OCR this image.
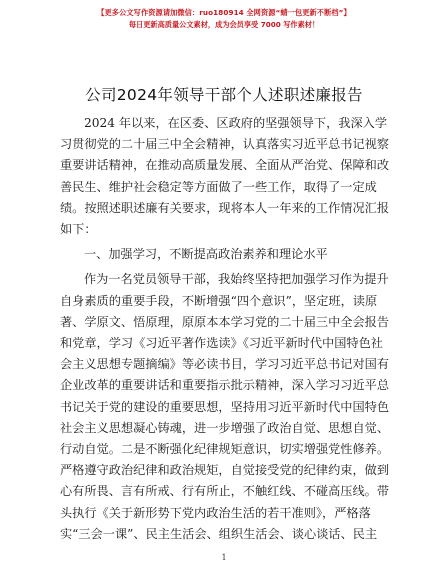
【更多公文写作资源请加微信：ruo180914 全网资源“蜻一包更新不断档”】
每日更新高质量公文素材，成为会员享受 7000 写作素材！
公司2024年领导干部个人述职述廉报告
2024 年以来，在区委、区政府的坚强领导下，我深入学
习贯彻党的二十届三中全会精神，认真落实习近平总书记视察
重要讲话精神，在推动高质量发展、全面从严治党、保障和改
善民生、维护社会稳定等方面做了一些工作，取得了一定成
绩。按照述职述廉有关要求，现将本人一年来的工作情况汇报
如下：
一、加强学习，不断提高政治素养和理论水平
作为一名党员领导干部，我始终坚持把加强学习作为提升
自身素质的重要手段，不断增强“四个意识”，坚定班，读原
著、学原文、悟原理，原原本本学习党的二十届三中全会报告
和党章，学习《习近平著作选读》《习近平新时代中国特色社
会主义思想专题摘编》等必读书目，学习习近平总书记对国有
企业改革的重要讲话和重要指示批示精神，深入学习习近平总
书记关于党的建设的重要思想，坚持用习近平新时代中国特色
社会主义思想凝心铸魂，进一步增强了政治自觉、思想自觉、
行动自觉。二是不断强化纪律规矩意识，切实增强党性修养。
严格遵守政治纪律和政治规矩，自觉接受党的纪律约束，做到
心有所畏、言有所戒、行有所止，不触红线、不碰高压线。带
头执行《关于新形势下党内政治生活的若干准则》，严格落
实“三会一课”、民主生活会、组织生活会、谈心谈话、民主
1
